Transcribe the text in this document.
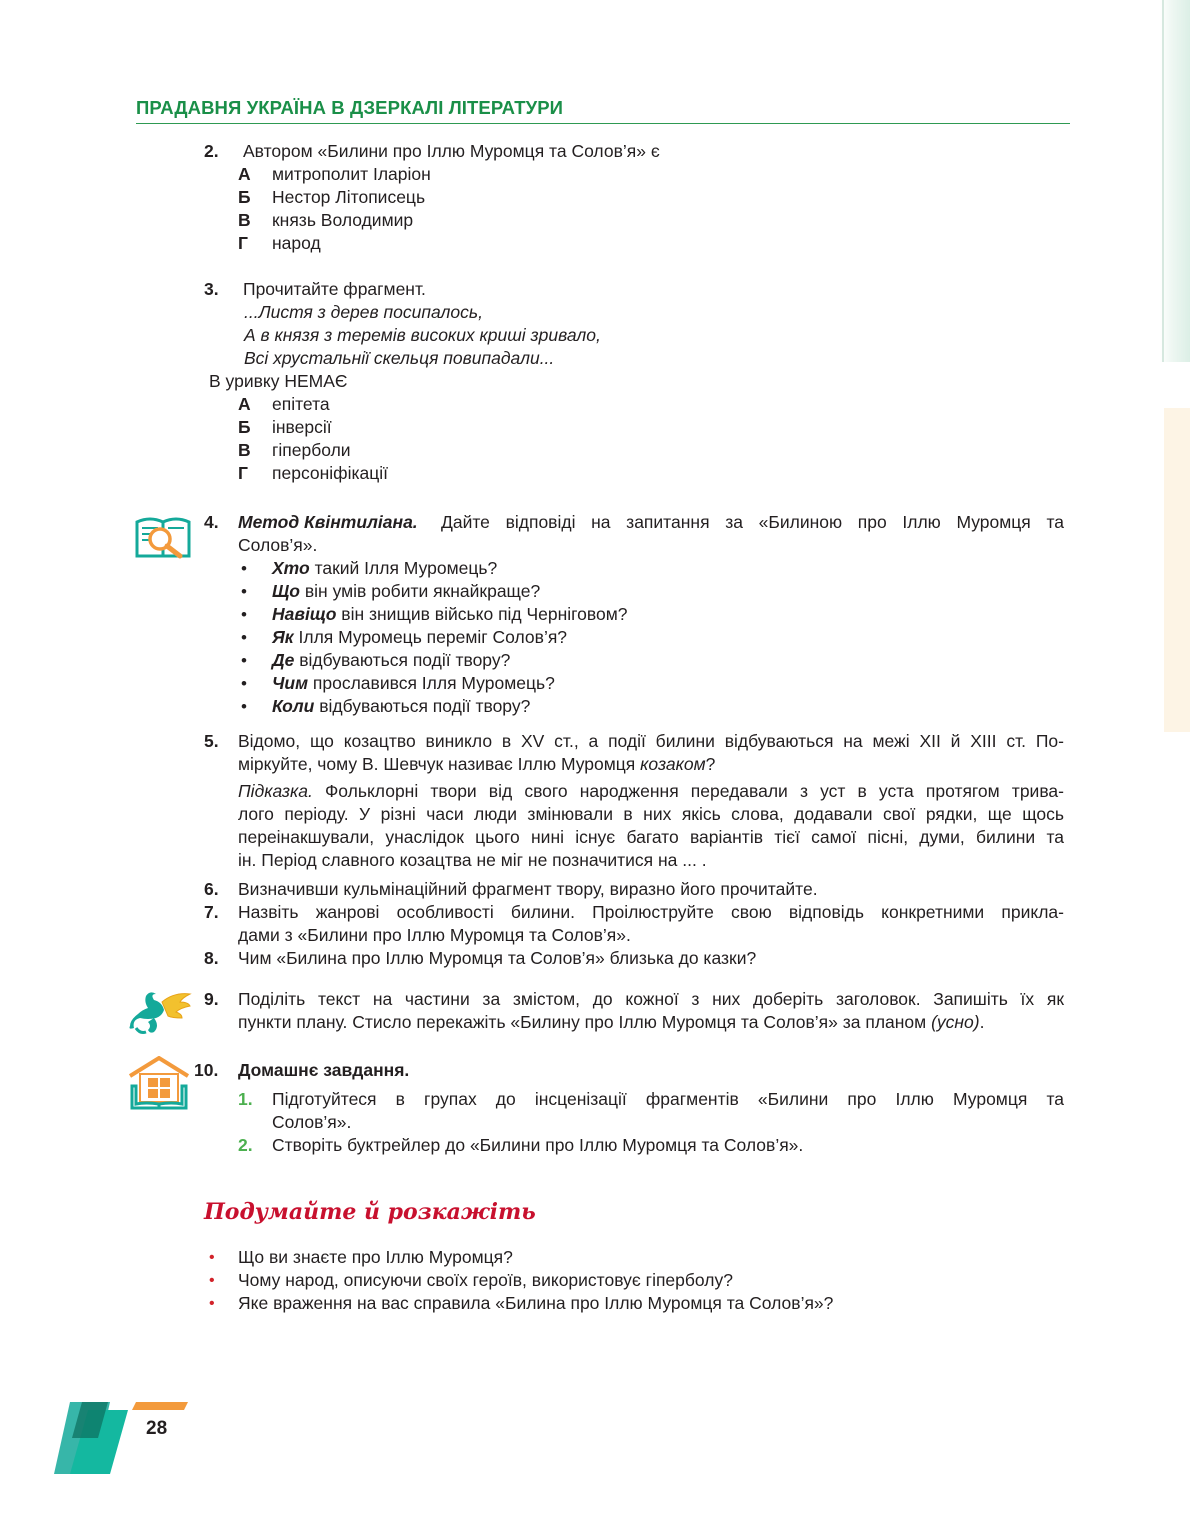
ПРАДАВНЯ УКРАЇНА В ДЗЕРКАЛІ ЛІТЕРАТУРИ
2. Автором «Билини про Іллю Муромця та Солов’я» є
А митрополит Іларіон
Б Нестор Літописець
В князь Володимир
Г народ
3. Прочитайте фрагмент.
...Листя з дерев посипалось,
А в князя з теремів високих криші зривало,
Всі хрустальнії скельця повипадали...
В уривку НЕМАЄ
А епітета
Б інверсії
В гіперболи
Г персоніфікації
4. Метод Квінтиліана. Дайте відповіді на запитання за «Билиною про Іллю Муромця та
Солов’я».
• Хто такий Ілля Муромець?
• Що він умів робити якнайкраще?
• Навіщо він знищив військо під Черніговом?
• Як Ілля Муромець переміг Солов’я?
• Де відбуваються події твору?
• Чим прославився Ілля Муромець?
• Коли відбуваються події твору?
5. Відомо, що козацтво виникло в XV ст., а події билини відбуваються на межі XII й XIII ст. По-
міркуйте, чому В. Шевчук називає Іллю Муромця козаком?
Підказка. Фольклорні твори від свого народження передавали з уст в уста протягом трива-
лого періоду. У різні часи люди змінювали в них якісь слова, додавали свої рядки, ще щось
переінакшували, унаслідок цього нині існує багато варіантів тієї самої пісні, думи, билини та
ін. Період славного козацтва не міг не позначитися на ... .
6. Визначивши кульмінаційний фрагмент твору, виразно його прочитайте.
7. Назвіть жанрові особливості билини. Проілюструйте свою відповідь конкретними прикла-
дами з «Билини про Іллю Муромця та Солов’я».
8. Чим «Билина про Іллю Муромця та Солов’я» близька до казки?
9. Поділіть текст на частини за змістом, до кожної з них доберіть заголовок. Запишіть їх як
пункти плану. Стисло перекажіть «Билину про Іллю Муромця та Солов’я» за планом (усно).
10. Домашнє завдання.
1. Підготуйтеся в групах до інсценізації фрагментів «Билини про Іллю Муромця та
Солов’я».
2. Створіть буктрейлер до «Билини про Іллю Муромця та Солов’я».
Подумайте й розкажіть
• Що ви знаєте про Іллю Муромця?
• Чому народ, описуючи своїх героїв, використовує гіперболу?
• Яке враження на вас справила «Билина про Іллю Муромця та Солов’я»?
28
